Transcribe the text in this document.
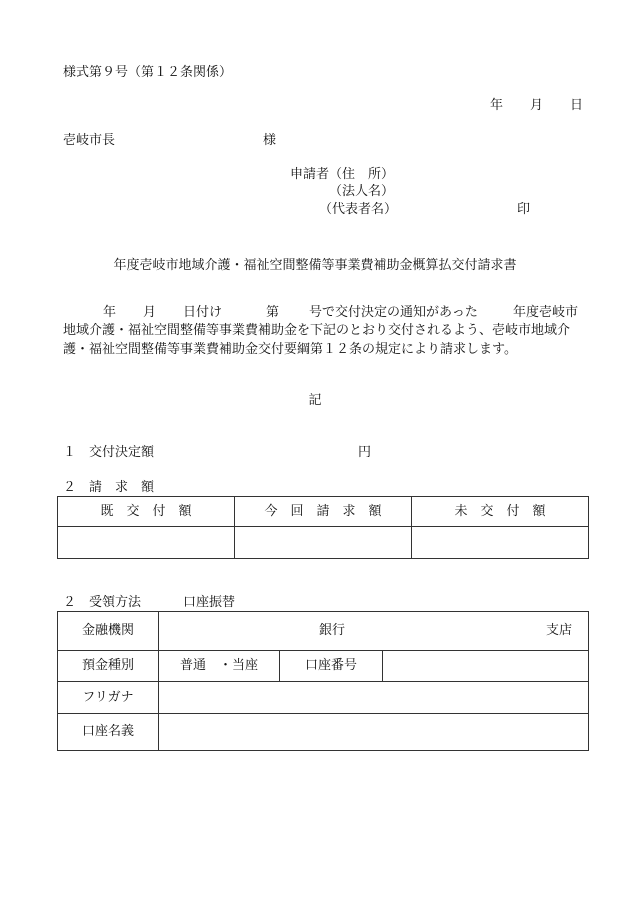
様式第９号（第１２条関係）
年 月 日
壱岐市長	様
申請者 （住　所）
（法人名）
（代表者名）	印
年度壱岐市地域介護・福祉空間整備等事業費補助金概算払交付請求書
年 月 日付け	第 号で交付決定の通知があった	年度壱岐市
地域介護・福祉空間整備等事業費補助金を下記のとおり交付されるよう、壱岐市地域介
護・福祉空間整備等事業費補助金交付要綱第１２条の規定により請求します。
記
１　交付決定額	円
２　請　求　額
既　交　付　額	今　回　請　求　額	未　交　付　額

２　受領方法	口座振替
金融機関	銀行 支店		

預金種別	普通　・当座	口座番号	
フリガナ			
口座名義			
